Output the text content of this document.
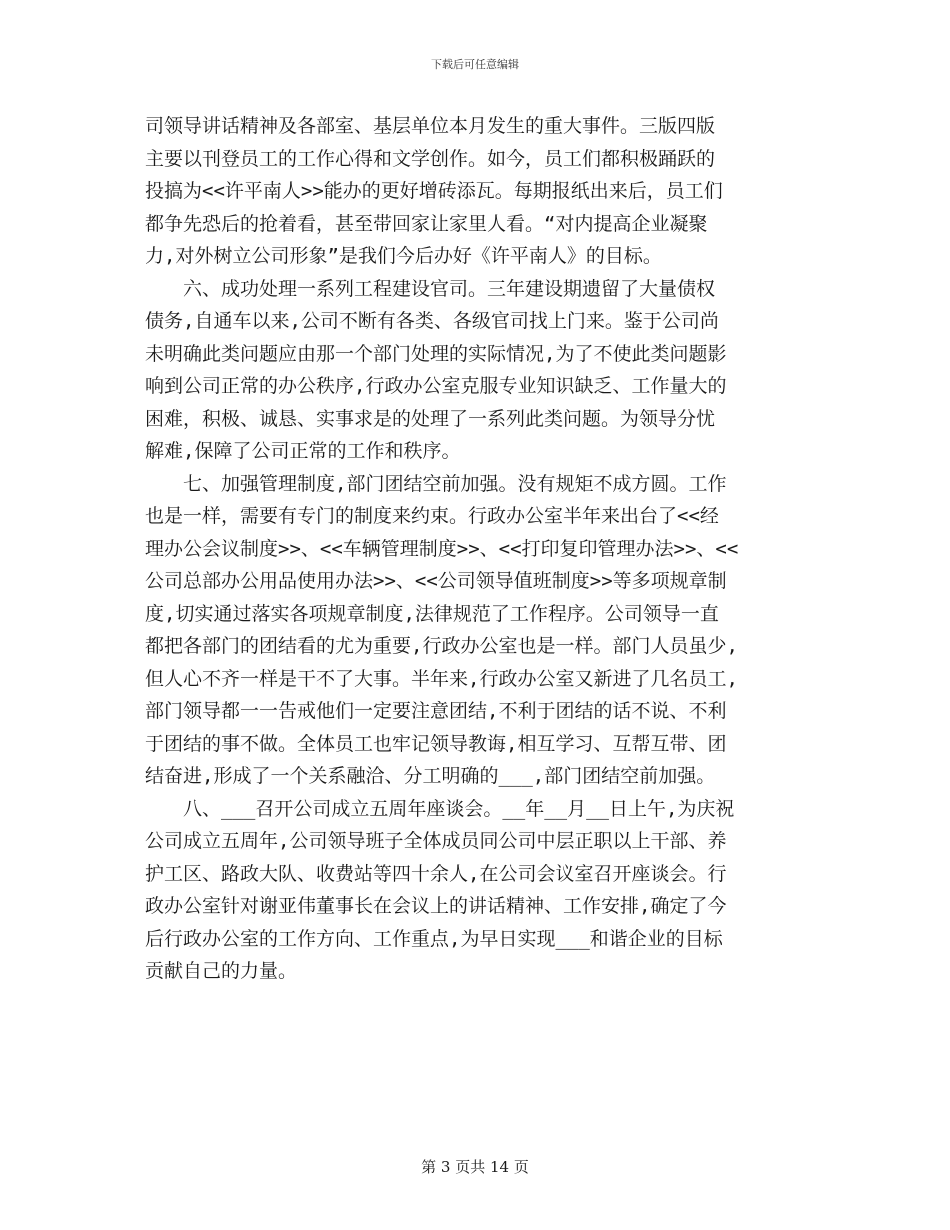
下载后可任意编辑
司领导讲话精神及各部室、基层单位本月发生的重大事件。三版四版
主要以刊登员工的工作心得和文学创作。如今，员工们都积极踊跃的
投搞为<<许平南人>>能办的更好增砖添瓦。每期报纸出来后，员工们
都争先恐后的抢着看，甚至带回家让家里人看。“对内提高企业凝聚
力,对外树立公司形象”是我们今后办好《许平南人》的目标。
　　六、成功处理一系列工程建设官司。三年建设期遗留了大量债权
债务,自通车以来,公司不断有各类、各级官司找上门来。鉴于公司尚
未明确此类问题应由那一个部门处理的实际情况,为了不使此类问题影
响到公司正常的办公秩序,行政办公室克服专业知识缺乏、工作量大的
困难，积极、诚恳、实事求是的处理了一系列此类问题。为领导分忧
解难,保障了公司正常的工作和秩序。
　　七、加强管理制度,部门团结空前加强。没有规矩不成方圆。工作
也是一样，需要有专门的制度来约束。行政办公室半年来出台了<<经
理办公会议制度>>、<<车辆管理制度>>、<<打印复印管理办法>>、<<
公司总部办公用品使用办法>>、<<公司领导值班制度>>等多项规章制
度,切实通过落实各项规章制度,法律规范了工作程序。公司领导一直
都把各部门的团结看的尤为重要,行政办公室也是一样。部门人员虽少,
但人心不齐一样是干不了大事。半年来,行政办公室又新进了几名员工,
部门领导都一一告戒他们一定要注意团结,不利于团结的话不说、不利
于团结的事不做。全体员工也牢记领导教诲,相互学习、互帮互带、团
结奋进,形成了一个关系融洽、分工明确的___,部门团结空前加强。
　　八、___召开公司成立五周年座谈会。__年__月__日上午,为庆祝
公司成立五周年,公司领导班子全体成员同公司中层正职以上干部、养
护工区、路政大队、收费站等四十余人,在公司会议室召开座谈会。行
政办公室针对谢亚伟董事长在会议上的讲话精神、工作安排,确定了今
后行政办公室的工作方向、工作重点,为早日实现___和谐企业的目标
贡献自己的力量。
第 3 页共 14 页
